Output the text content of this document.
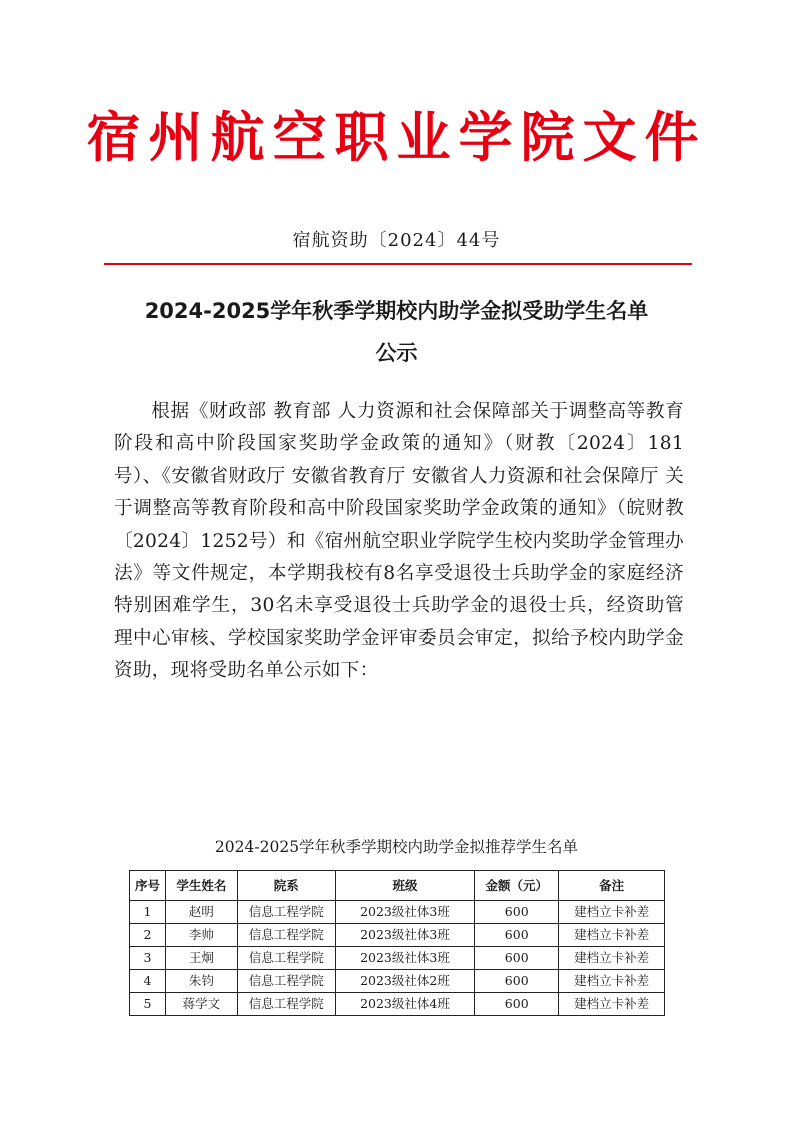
宿州航空职业学院文件
宿航资助〔2024〕44号
2024-2025学年秋季学期校内助学金拟受助学生名单
公示

根据《财政部 教育部 人力资源和社会保障部关于调整高等教育阶段和高中阶段国家奖助学金政策的通知》（财教〔2024〕181号）、《安徽省财政厅 安徽省教育厅 安徽省人力资源和社会保障厅 关于调整高等教育阶段和高中阶段国家奖助学金政策的通知》（皖财教〔2024〕1252号）和《宿州航空职业学院学生校内奖助学金管理办法》等文件规定，本学期我校有8名享受退役士兵助学金的家庭经济特别困难学生，30名未享受退役士兵助学金的退役士兵，经资助管理中心审核、学校国家奖助学金评审委员会审定，拟给予校内助学金资助，现将受助名单公示如下：

2024-2025学年秋季学期校内助学金拟推荐学生名单
序号	学生姓名	院系	班级	金额（元）	备注
1	赵明	信息工程学院	2023级社体3班	600	建档立卡补差
2	李帅	信息工程学院	2023级社体3班	600	建档立卡补差
3	王炯	信息工程学院	2023级社体3班	600	建档立卡补差
4	朱钧	信息工程学院	2023级社体2班	600	建档立卡补差
5	蒋学文	信息工程学院	2023级社体4班	600	建档立卡补差
